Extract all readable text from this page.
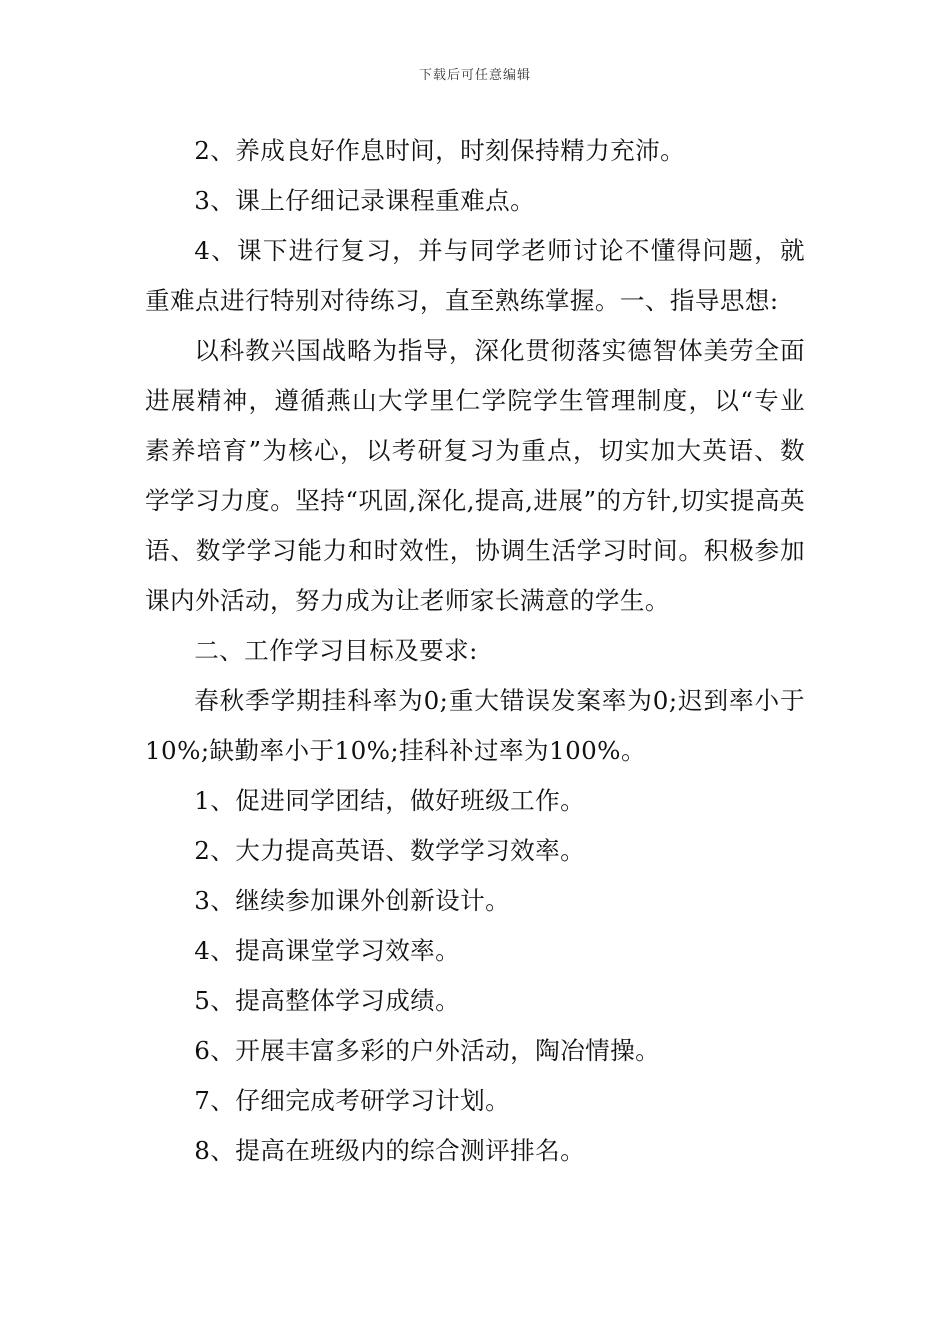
下载后可任意编辑

2、养成良好作息时间，时刻保持精力充沛。

3、课上仔细记录课程重难点。

4、课下进行复习，并与同学老师讨论不懂得问题，就重难点进行特别对待练习，直至熟练掌握。一、指导思想:

以科教兴国战略为指导，深化贯彻落实德智体美劳全面进展精神，遵循燕山大学里仁学院学生管理制度，以“专业素养培育”为核心，以考研复习为重点，切实加大英语、数学学习力度。坚持“巩固,深化,提高,进展”的方针,切实提高英语、数学学习能力和时效性，协调生活学习时间。积极参加课内外活动，努力成为让老师家长满意的学生。

二、工作学习目标及要求:

春秋季学期挂科率为0;重大错误发案率为0;迟到率小于10%;缺勤率小于10%;挂科补过率为100%。

1、促进同学团结，做好班级工作。

2、大力提高英语、数学学习效率。

3、继续参加课外创新设计。

4、提高课堂学习效率。

5、提高整体学习成绩。

6、开展丰富多彩的户外活动，陶冶情操。

7、仔细完成考研学习计划。

8、提高在班级内的综合测评排名。
